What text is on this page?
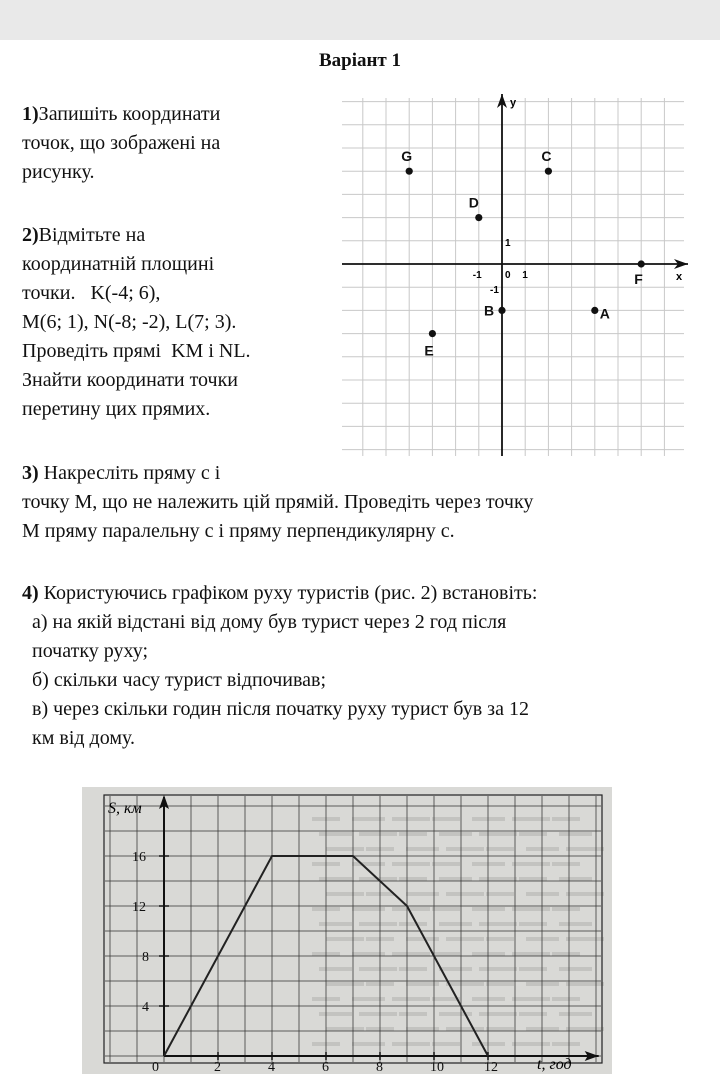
Варіант 1
1)Запишіть координати
точок, що зображені на
рисунку.
2)Відмітьте на
координатній площині
точки.   K(-4; 6),
M(6; 1), N(-8; -2), L(7; 3).
Проведіть прямі  KM і NL.
Знайти координати точки
перетину цих прямих.
3) Накресліть пряму с і
точку М, що не належить цій прямій. Проведіть через точку
М пряму паралельну с і пряму перпендикулярну с.
4) Користуючись графіком руху туристів (рис. 2) встановіть:
а) на якій відстані від дому був турист через 2 год після
початку руху;
б) скільки часу турист відпочивав;
в) через скільки годин після початку руху турист був за 12
км від дому.
x
y
-1 0 1
1
-1
G	C
D
F
B	A
E
0	2	4	6	8	10	12
4
8
12
16
S, км
t, год
